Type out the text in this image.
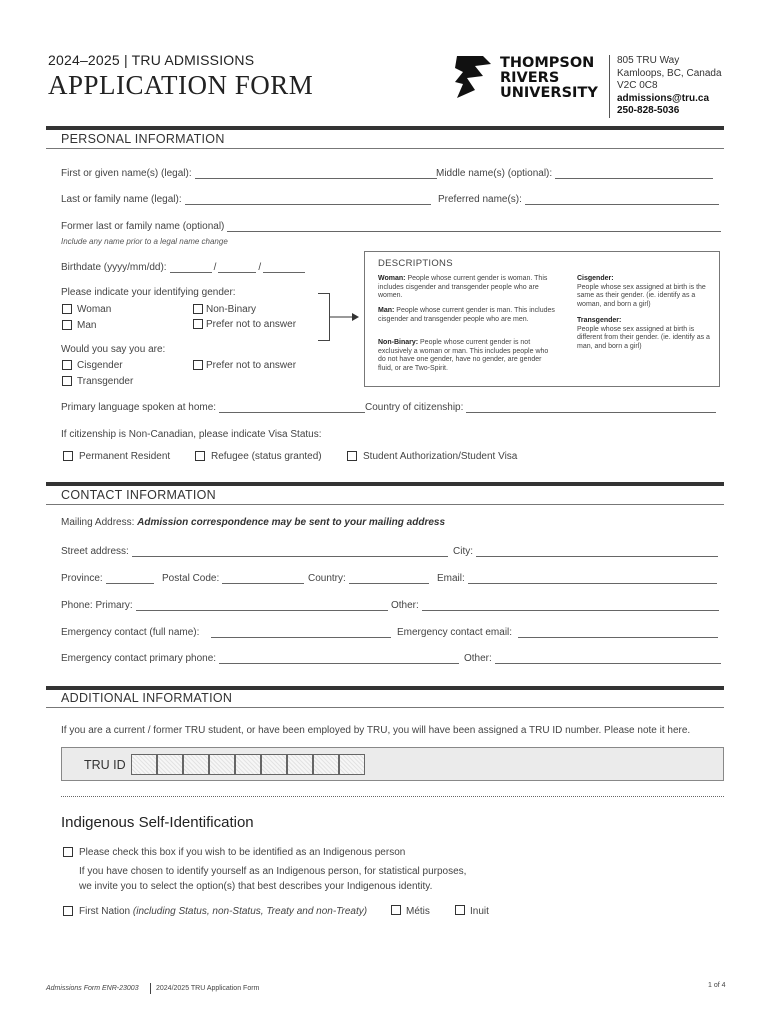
2024–2025 | TRU ADMISSIONS
APPLICATION FORM
THOMPSON
RIVERS
UNIVERSITY
805 TRU Way
Kamloops, BC, Canada
V2C 0C8
admissions@tru.ca
250-828-5036
PERSONAL INFORMATION
First or given name(s) (legal):	Middle name(s) (optional):
Last or family name (legal):	Preferred name(s):
Former last or family name (optional)
Include any name prior to a legal name change
Birthdate (yyyy/mm/dd):	/	/
Please indicate your identifying gender:
Woman	Non-Binary
Man	Prefer not to answer
Would you say you are:
Cisgender	Prefer not to answer
Transgender
DESCRIPTIONS
Woman: People whose current gender is woman. This includes cisgender and transgender people who are women.
Man: People whose current gender is man. This includes cisgender and transgender people who are men.
Non-Binary: People whose current gender is not exclusively a woman or man. This includes people who do not have one gender, have no gender, are gender fluid, or are Two-Spirit.
Cisgender:
People whose sex assigned at birth is the same as their gender. (ie. identify as a woman, and born a girl)
Transgender:
People whose sex assigned at birth is different from their gender. (ie. identify as a man, and born a girl)
Primary language spoken at home:	Country of citizenship:
If citizenship is Non-Canadian, please indicate Visa Status:
Permanent Resident	Refugee (status granted)	Student Authorization/Student Visa
CONTACT INFORMATION
Mailing Address: Admission correspondence may be sent to your mailing address
Street address:	City:
Province:	Postal Code:	Country:	Email:
Phone: Primary:	Other:
Emergency contact (full name):	Emergency contact email:
Emergency contact primary phone:	Other:
ADDITIONAL INFORMATION
If you are a current / former TRU student, or have been employed by TRU, you will have been assigned a TRU ID number. Please note it here.
TRU ID
Indigenous Self-Identification
Please check this box if you wish to be identified as an Indigenous person
If you have chosen to identify yourself as an Indigenous person, for statistical purposes,
we invite you to select the option(s) that best describes your Indigenous identity.
First Nation (including Status, non-Status, Treaty and non-Treaty)	Métis	Inuit
Admissions Form ENR-23003 2024/2025 TRU Application Form	1 of 4
